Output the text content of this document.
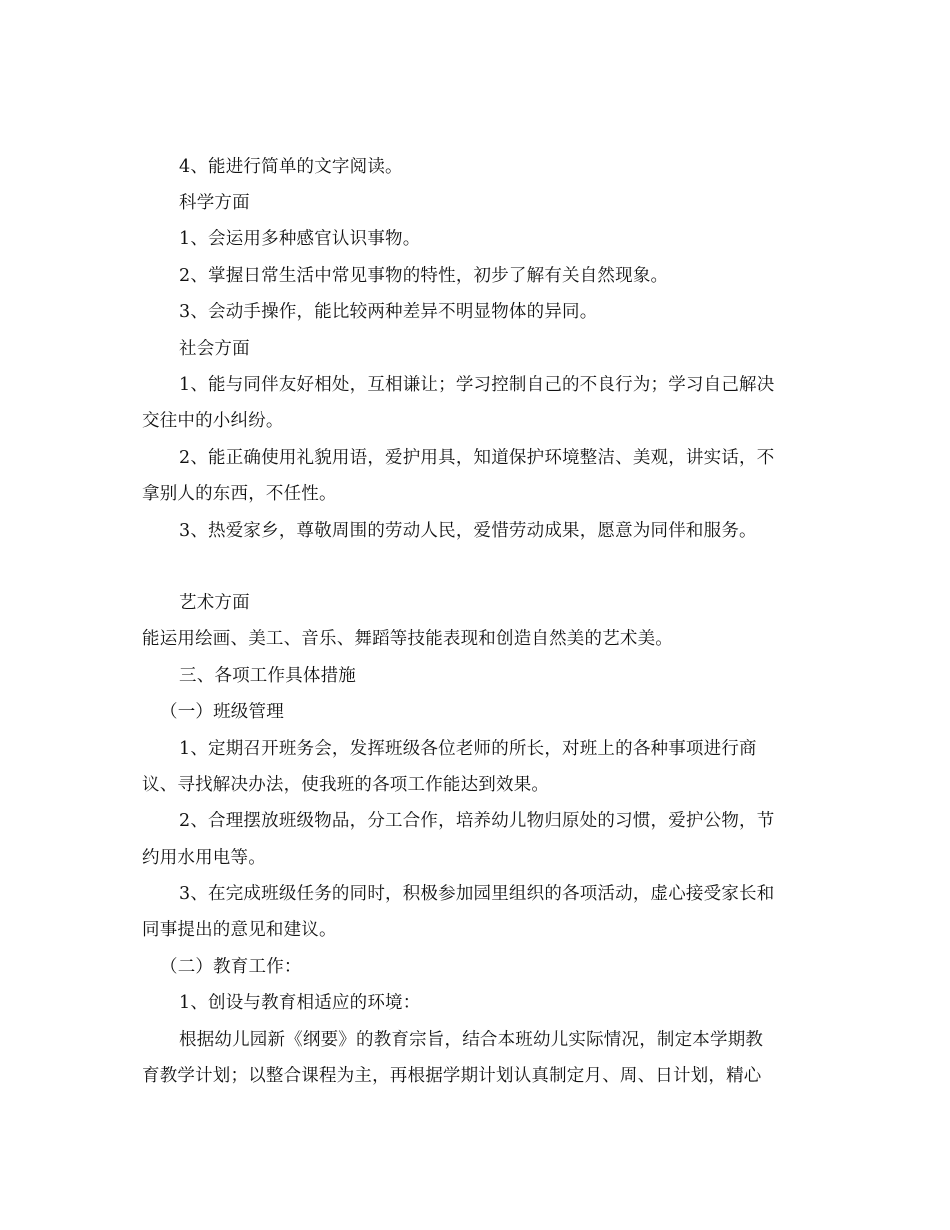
4、能进行简单的文字阅读。
科学方面
1、会运用多种感官认识事物。
2、掌握日常生活中常见事物的特性，初步了解有关自然现象。
3、会动手操作，能比较两种差异不明显物体的异同。
社会方面
1、能与同伴友好相处，互相谦让；学习控制自己的不良行为；学习自己解决
交往中的小纠纷。
2、能正确使用礼貌用语，爱护用具，知道保护环境整洁、美观，讲实话，不
拿别人的东西，不任性。
3、热爱家乡，尊敬周围的劳动人民，爱惜劳动成果，愿意为同伴和服务。
艺术方面
能运用绘画、美工、音乐、舞蹈等技能表现和创造自然美的艺术美。
三、各项工作具体措施
（一）班级管理
1、定期召开班务会，发挥班级各位老师的所长，对班上的各种事项进行商
议、寻找解决办法，使我班的各项工作能达到效果。
2、合理摆放班级物品，分工合作，培养幼儿物归原处的习惯，爱护公物，节
约用水用电等。
3、在完成班级任务的同时，积极参加园里组织的各项活动，虚心接受家长和
同事提出的意见和建议。
（二）教育工作：
1、创设与教育相适应的环境：
根据幼儿园新《纲要》的教育宗旨，结合本班幼儿实际情况，制定本学期教
育教学计划；以整合课程为主，再根据学期计划认真制定月、周、日计划，精心
